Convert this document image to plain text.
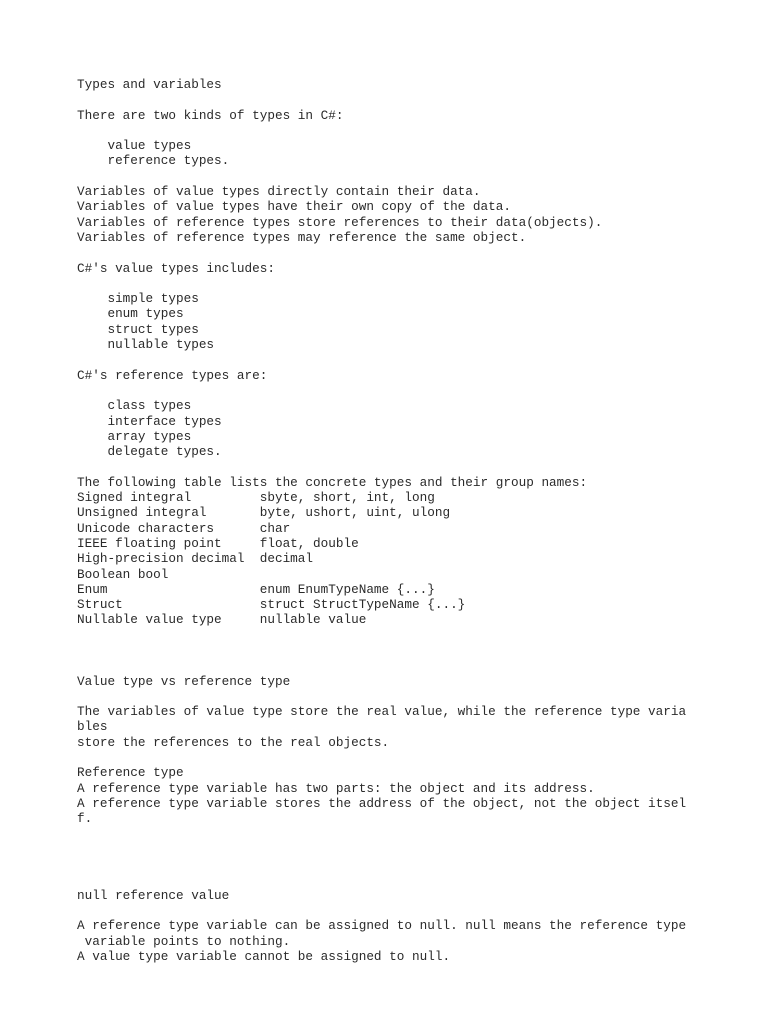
Types and variables
There are two kinds of types in C#:
value types
reference types.
Variables of value types directly contain their data.
Variables of value types have their own copy of the data.
Variables of reference types store references to their data(objects).
Variables of reference types may reference the same object.
C#'s value types includes:
simple types
enum types
struct types
nullable types
C#'s reference types are:
class types
interface types
array types
delegate types.
The following table lists the concrete types and their group names:
Signed integral         sbyte, short, int, long
Unsigned integral       byte, ushort, uint, ulong
Unicode characters      char
IEEE floating point     float, double
High-precision decimal  decimal
Boolean bool
Enum                    enum EnumTypeName {...}
Struct                  struct StructTypeName {...}
Nullable value type     nullable value
Value type vs reference type
The variables of value type store the real value, while the reference type varia
bles
store the references to the real objects.
Reference type
A reference type variable has two parts: the object and its address.
A reference type variable stores the address of the object, not the object itsel
f.
null reference value
A reference type variable can be assigned to null. null means the reference type
variable points to nothing.
A value type variable cannot be assigned to null.
